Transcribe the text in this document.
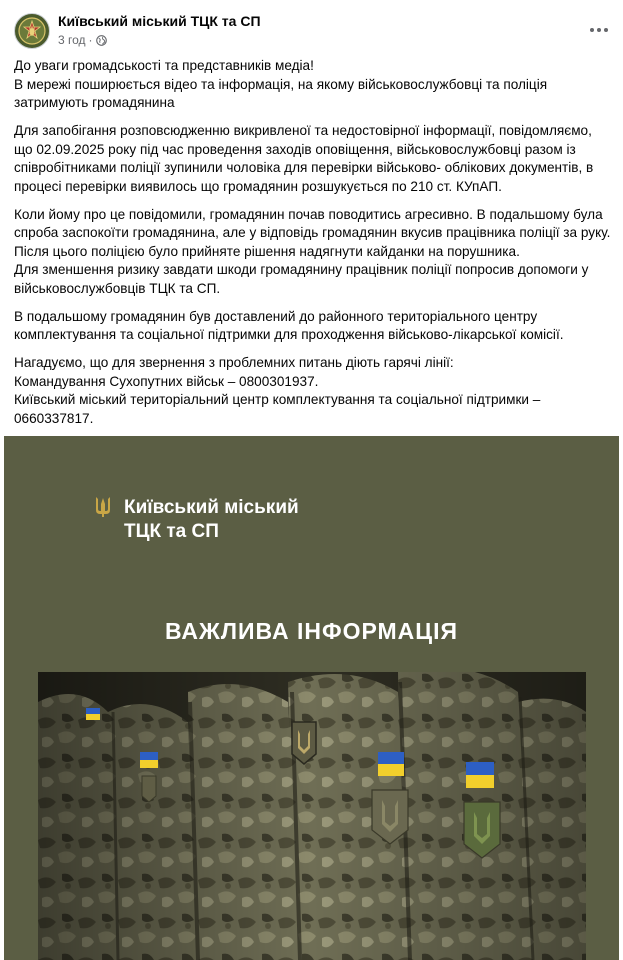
Київський міський ТЦК та СП
3 год ·

До уваги громадськості та представників медіа!
В мережі поширюється відео та інформація, на якому військовослужбовці та поліція затримують громадянина

Для запобігання розповсюдженню викривленої та недостовірної інформації, повідомляємо, що 02.09.2025 року під час проведення заходів оповіщення, військовослужбовці разом із співробітниками поліції зупинили чоловіка для перевірки військово- облікових документів, в процесі перевірки виявилось що громадянин розшукується по 210 ст. КУпАП.

Коли йому про це повідомили, громадянин почав поводитись агресивно. В подальшому була спроба заспокоїти громадянина, але у відповідь громадянин вкусив працівника поліції за руку.
Після цього поліцією було прийняте рішення надягнути кайданки на порушника.
Для зменшення ризику завдати шкоди громадянину працівник поліції попросив допомоги у військовослужбовців ТЦК та СП.

В подальшому громадянин був доставлений до районного територіального центру комплектування та соціальної підтримки для проходження військово-лікарської комісії.

Нагадуємо, що для звернення з проблемних питань діють гарячі лінії:
Командування Сухопутних військ – 0800301937.
Київський міський територіальний центр комплектування та соціальної підтримки – 0660337817.

Київський міський
ТЦК та СП
ВАЖЛИВА ІНФОРМАЦІЯ
